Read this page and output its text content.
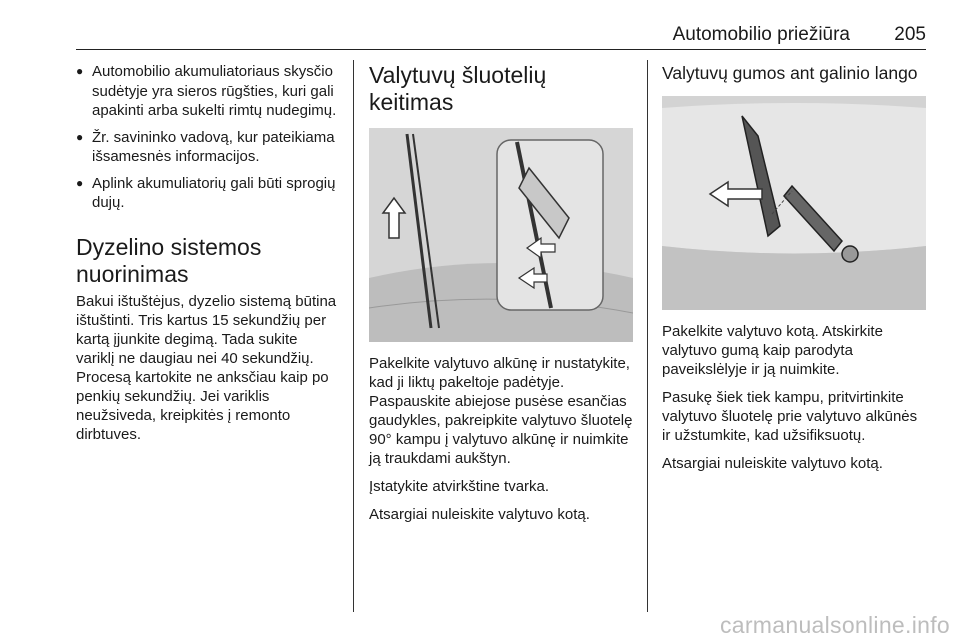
Automobilio priežiūra 205
● Automobilio akumuliatoriaus skysčio sudėtyje yra sieros rūgšties, kuri gali apakinti arba sukelti rimtų nudegimų.
● Žr. savininko vadovą, kur pateikiama išsamesnės informacijos.
● Aplink akumuliatorių gali būti sprogių dujų.
Dyzelino sistemos nuorinimas

Bakui ištuštėjus, dyzelio sistemą būtina ištuštinti. Tris kartus 15 sekundžių per kartą įjunkite degimą. Tada sukite variklį ne daugiau nei 40 sekundžių. Procesą kartokite ne anksčiau kaip po penkių sekundžių. Jei variklis neužsiveda, kreipkitės į remonto dirbtuves.

Valytuvų šluotelių keitimas

Pakelkite valytuvo alkūnę ir nustatykite, kad ji liktų pakeltoje padėtyje. Paspauskite abiejose pusėse esančias gaudykles, pakreipkite valytuvo šluotelę 90° kampu į valytuvo alkūnę ir nuimkite ją traukdami aukštyn.

Įstatykite atvirkštine tvarka.

Atsargiai nuleiskite valytuvo kotą.

Valytuvų gumos ant galinio lango

Pakelkite valytuvo kotą. Atskirkite valytuvo gumą kaip parodyta paveikslėlyje ir ją nuimkite.

Pasukę šiek tiek kampu, pritvirtinkite valytuvo šluotelę prie valytuvo alkūnės ir užstumkite, kad užsifiksuotų.

Atsargiai nuleiskite valytuvo kotą.

carmanualsonline.info
